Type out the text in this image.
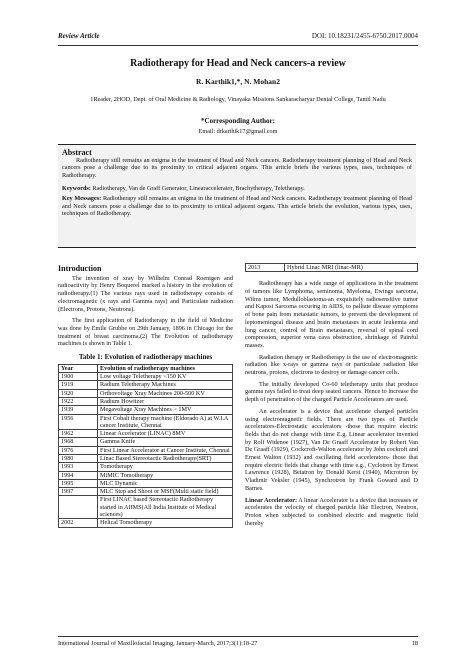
Review Article	DOI: 10.18231/2455-6750.2017.0004
Radiotherapy for Head and Neck cancers-a review
R. Karthik1,*, N. Mohan2
1Reader, 2HOD, Dept. of Oral Medicine & Radiology, Vinayaka Missions Sankaracharyar Dental College, Tamil Nadu
*Corresponding Author:
Email: drkarthik17@gmail.com
Abstract
Radiotherapy still remains an enigma in the treatment of Head and Neck cancers. Radiotherapy treatment planning of Head and Neck cancers pose a challenge due to its proximity to critical adjacent organs. This article briefs the various types, uses, techniques of Radiotherapy.
Keywords: Radiotherapy, Van de Graff Generator, Linearaccelerator, Brachytherapy, Teletherapy.
Key Messages: Radiotherapy still remains an enigma in the treatment of Head and Neck cancers. Radiotherapy treatment planning of Head and Neck cancers pose a challenge due to its proximity to critical adjacent organs. This article briefs the evolution, various types, uses, techniques of Radiotherapy.
Introduction

The invention of xray by Wilhelm Conrad Roentgen and radioactivity by Henry Boquerel marked a history in the evolution of radiotherapy.(1) The various rays used in radiotherapy consists of electromagnetic (x rays and Gamma rays) and Particulate radiation (Electrons, Protons, Neutrons).

The first application of Radiotherapy in the field of Medicine was done by Emile Grubbe on 29th January, 1896 in Chicago for the treatment of breast carcinoma.(2) The Evolution of radiotherapy machines is shown in Table 1.

Table 1: Evolution of radiotherapy machines
Year	Evolution of radiotherapy machines
1900	Low voltage Teletherapy <150 KV
1919	Radium Teletherapy Machines
1920	Orthovoltage Xray Machines 200-500 KV
1922	Radium Howitzer
1939	Megavoltage Xray Machines > 1MV
1956	First Cobalt therapy machine (Eldorado A) at W.I.A cancer Institute, Chennai
1962	Linear Accelerator (LINAC) 8MV
1968	Gamma Knife
1976	First Linear Accelerator at Cancer Institute, Chennai
1980	Linac Based Stereotactic Radiotherapy(SRT)
1993	Tomotherapy
1994	MiMIC Tomotherapy
1995	MLC Dynamic
1997	MLC Step and Shoot or MSF(Multi static field)
	First LINAC based Stereotactic Radiotherapy started in AIIMS(All India Institute of Medical sciences)
2002	Helical Tomotherapy
2013	Hybrid Linac MRI (linac-MR)

Radiotherapy has a wide range of applications in the treatment of tumors like Lymphoma, seminoma, Myeloma, Ewings sarcoma, Wilms tumor, Medulloblastoma-an exquisitely radiosensitive tumor and Kaposi Sarcoma occuring in AIDS, to palliate disease symptoms of bone pain from metastatic tumors, to prevent the development of leptomeningeal disease and brain metastases in acute leukemia and lung cancer, control of Brain metastases, reversal of spinal cord compression, superior vena cava obstruction, shrinkage of Painful masses.

Radiation therapy or Radiotherapy is the use of electromagnetic radiation like x-rays or gamma rays or particulate radiation like neutrons, protons, electrons to destroy or damage cancer cells.

The initially developed Co-60 teletherapy units that produce gamma rays failed to treat deep seated cancers. Hence to increase the depth of penetration of the charged Particle Accelerators are used.

An accelerator is a device that accelerate charged particles using electromagnetic fields. There are two types of Particle accelerators-Electrostatic accelerators -those that require electric fields that do not change with time E.g. Linear accelerator invented by Rolf Widenoe (1927), Van De Graaff Accelerator by Robert Van De Graaff (1929), Cockcroft-Walton accelerator by John cockroft and Ernest Walton (1932) and oscillating field accelerators- those that require electric fields that change with time e.g., Cyclotron by Ernest Lawrence (1928), Betatron by Donald Kerst (1940), Microtron by Vladimir Veksler (1945), Synchrotron by Frank Goward and D Barnes.

Linear Accelerator: A linear Accelerator is a device that increases or accelerates the velocity of charged particle like Electron, Neutron, Proton when subjected to combined electric and magnetic field thereby

International Journal of Maxillofacial Imaging, January-March, 2017;3(1):18-27	18
